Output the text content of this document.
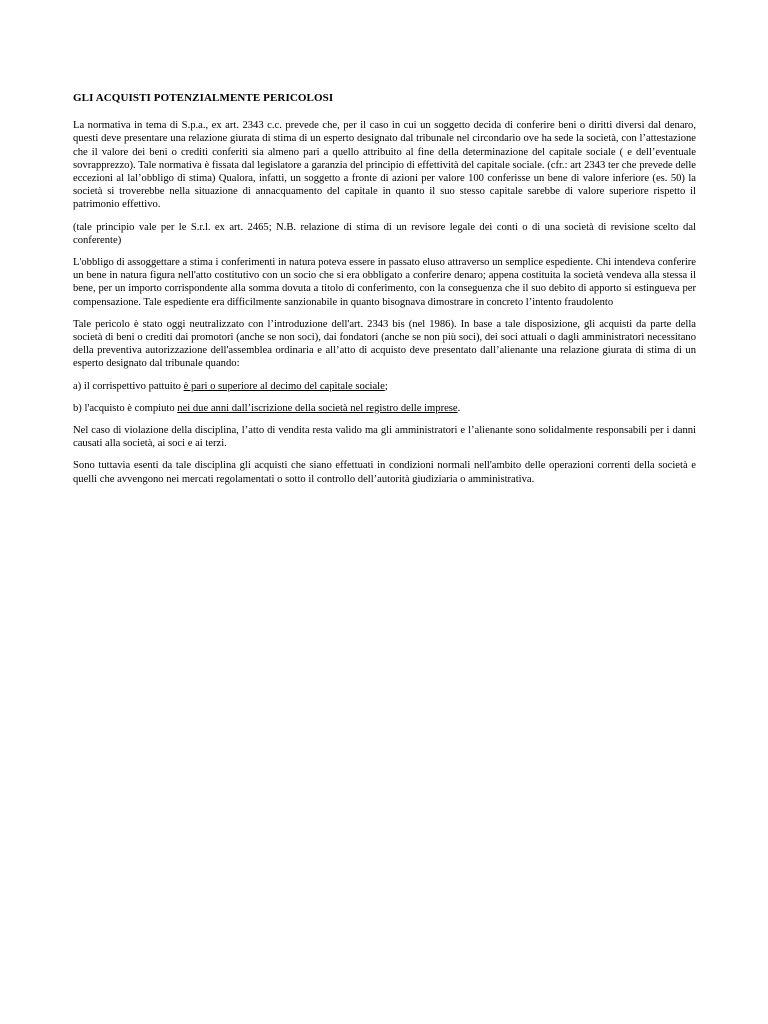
GLI ACQUISTI POTENZIALMENTE PERICOLOSI

La normativa in tema di S.p.a., ex art. 2343 c.c. prevede che, per il caso in cui un soggetto decida di conferire beni o diritti diversi dal denaro, questi deve presentare una relazione giurata di stima di un esperto designato dal tribunale nel circondario ove ha sede la società, con l’attestazione che il valore dei beni o crediti conferiti sia almeno pari a quello attribuito al fine della determinazione del capitale sociale ( e dell’eventuale sovrapprezzo). Tale normativa è fissata dal legislatore a garanzia del principio di effettività del capitale sociale. (cfr.: art 2343 ter che prevede delle eccezioni al lal’obbligo di stima) Qualora, infatti, un soggetto a fronte di azioni per valore 100 conferisse un bene di valore inferiore (es. 50) la società si troverebbe nella situazione di annacquamento del capitale in quanto il suo stesso capitale sarebbe di valore superiore rispetto il patrimonio effettivo.

(tale principio vale per le S.r.l. ex art. 2465; N.B. relazione di stima di un revisore legale dei conti o di una società di revisione scelto dal conferente)

L'obbligo di assoggettare a stima i conferimenti in natura poteva essere in passato eluso attraverso un semplice espediente. Chi intendeva conferire un bene in natura figura nell'atto costitutivo con un socio che si era obbligato a conferire denaro; appena costituita la società vendeva alla stessa il bene, per un importo corrispondente alla somma dovuta a titolo di conferimento, con la conseguenza che il suo debito di apporto si estingueva per compensazione. Tale espediente era difficilmente sanzionabile in quanto bisognava dimostrare in concreto l’intento fraudolento

Tale pericolo è stato oggi neutralizzato con l’introduzione dell'art. 2343 bis (nel 1986). In base a tale disposizione, gli acquisti da parte della società di beni o crediti dai promotori (anche se non soci), dai fondatori (anche se non più soci), dei soci attuali o dagli amministratori necessitano della preventiva autorizzazione dell'assemblea ordinaria e all’atto di acquisto deve presentato dall’alienante una relazione giurata di stima di un esperto designato dal tribunale quando:

a) il corrispettivo pattuito è pari o superiore al decimo del capitale sociale;

b) l'acquisto è compiuto nei due anni dall’iscrizione della società nel registro delle imprese.

Nel caso di violazione della disciplina, l’atto di vendita resta valido ma gli amministratori e l’alienante sono solidalmente responsabili per i danni causati alla società, ai soci e ai terzi.

Sono tuttavia esenti da tale disciplina gli acquisti che siano effettuati in condizioni normali nell'ambito delle operazioni correnti della società e quelli che avvengono nei mercati regolamentati o sotto il controllo dell’autorità giudiziaria o amministrativa.
